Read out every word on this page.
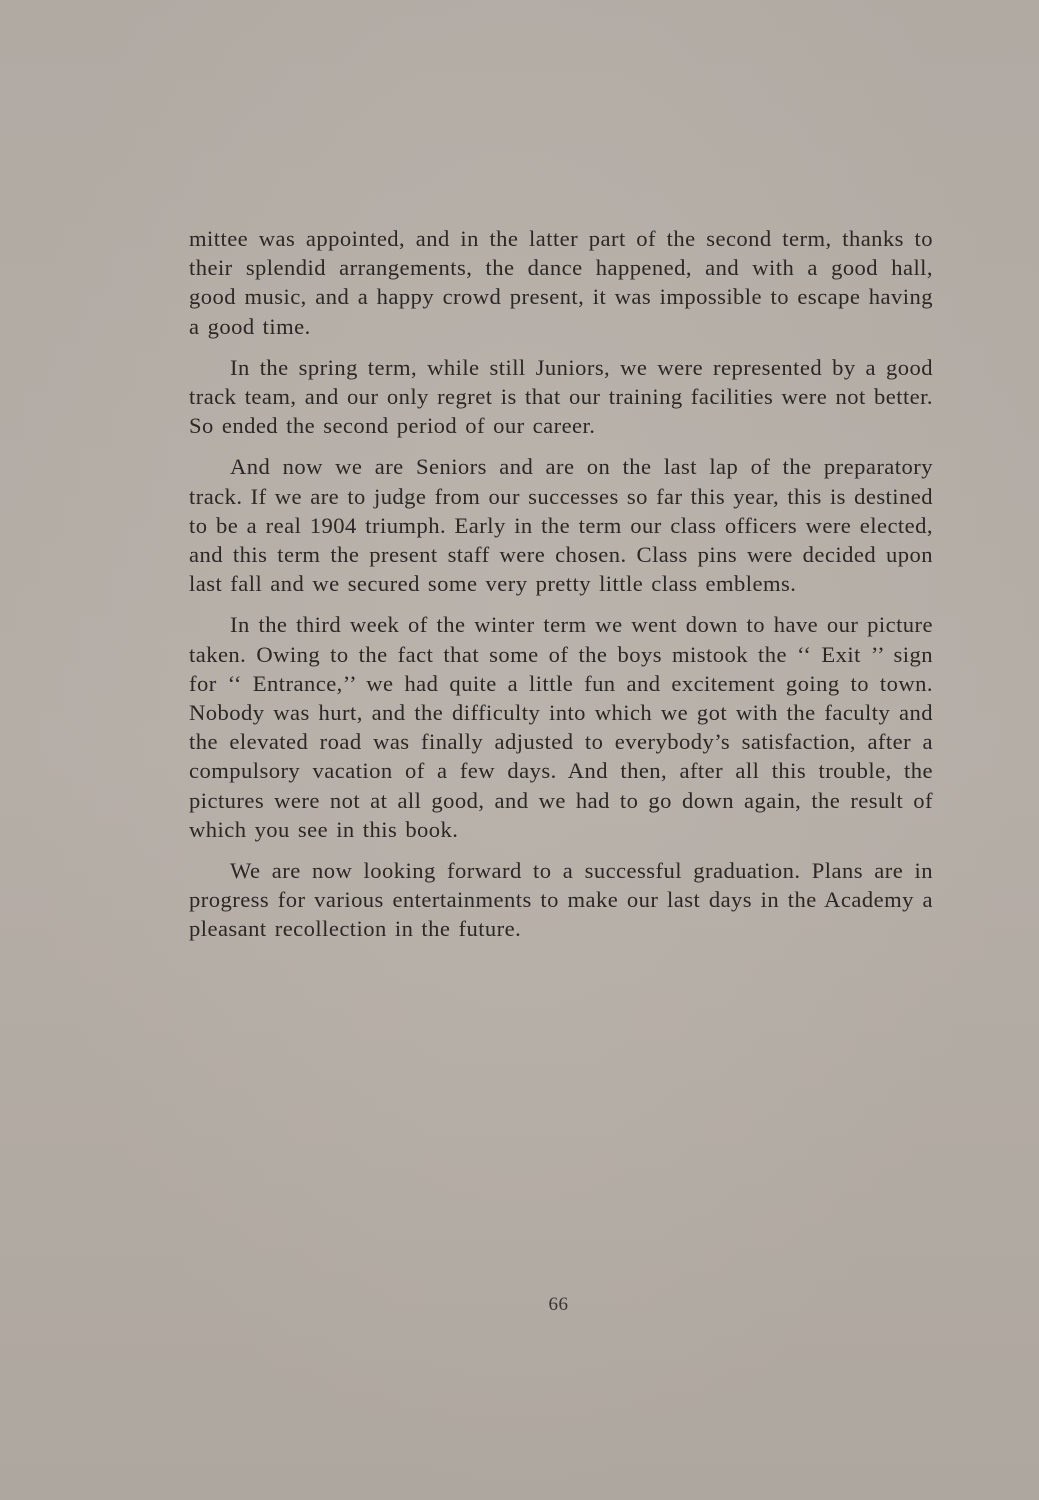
mittee was appointed, and in the latter part of the second term, thanks to their splendid arrangements, the dance happened, and with a good hall, good music, and a happy crowd present, it was impossible to escape having a good time.

In the spring term, while still Juniors, we were represented by a good track team, and our only regret is that our training facilities were not better. So ended the second period of our career.

And now we are Seniors and are on the last lap of the preparatory track. If we are to judge from our successes so far this year, this is destined to be a real 1904 triumph. Early in the term our class officers were elected, and this term the present staff were chosen. Class pins were decided upon last fall and we secured some very pretty little class emblems.

In the third week of the winter term we went down to have our picture taken. Owing to the fact that some of the boys mistook the ‘‘ Exit ’’ sign for ‘‘ Entrance,’’ we had quite a little fun and excitement going to town. Nobody was hurt, and the difficulty into which we got with the faculty and the elevated road was finally adjusted to everybody’s satisfaction, after a compulsory vacation of a few days. And then, after all this trouble, the pictures were not at all good, and we had to go down again, the result of which you see in this book.

We are now looking forward to a successful graduation. Plans are in progress for various entertainments to make our last days in the Academy a pleasant recollection in the future.

66
